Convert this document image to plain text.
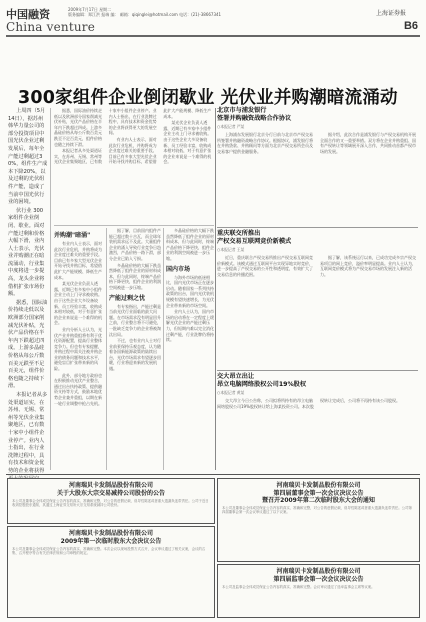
中国融资	2009年7月17日 星期二
版务编辑：郑江洪 报端 编： 邮箱：qiqinglei@hotmail.com 电话：(21)-38667341	上海证券报
China venture	B6
300家组件企业倒闭歇业 光伏业并购潮暗流涌动

上周四（5月14日），据苏州韩华力量公司的部分投资项目中国光伏企业过剩发展后，每年全产能过剩超过30%，组件生产成本下降20%，以及过剩的光伏组件产能，造成了当前中国光伏行业的困境。

伏行业 300 家组件企业倒闭、歇业。面对产能过剩和价格大幅下滑，业内人士表示，光伏业并购潮正在暗流涌动，行业集中度将进一步提高，龙头企业将借机扩张市场份额。

据悉，国际油价持续走低以及欧洲部分国家削减光伏补贴，光伏产品价格在半年内下跌超过四成。上游多晶硅价格从每公斤数百美元跌至不足百美元，组件价格也随之持续下滑。

本报记者从多处渠道证实，在苏州、无锡、常州等光伏企业集聚地区，已有数十家中小组件企业停产。业内人士指出，在行业洗牌过程中，具有技术和资金优势的企业将获得

并购潮"暗涌"

有业内人士表示，面对此次行业危机，并购将成为企业度过难关的重要手段。目前已有多家大型光伏企业开始寻找并购目标，希望借此扩大产能规模、降低生产成本。

某光伏企业负责人透露，近期已有多家中小组件企业主动上门寻求被收购。由于这些企业大多设备较新、员工经验丰富，收购成本相对较低，对于有意扩张的企业来说是一个难得的机会。

业内分析人士认为，光伏产业并购重组将有利于优化资源配置，提高行业整体竞争力。但也有专家提醒，并购过程中需关注被并购企业的债务问题和技术水平，避免盲目扩张带来新的风险。

此外，部分地方政府也在积极推动光伏产业整合，通过出台扶持政策、提供融资支持等方式，鼓励本地优势企业兼并重组，以期在新一轮行业调整中抢占先机。

据了解，目前国内组件产能已超过数十吉瓦，而全球年装机需求远不及此。大量组件企业的涌入导致行业竞争日趋激烈，产品价格一路下滑，部分企业已陷入亏损。

多晶硅价格的大幅下跌虽然降低了组件企业的原材料成本，但与此同时，终端产品价格下降更快，组件企业的利润空间被进一步压缩。

产能过剩之忧

有专家指出，产能过剩是当前光伏行业面临的最大问题。在市场需求没有明显回升之前，行业整合将不可避免，一批缺乏竞争力的企业将被淘汰出局。

不过，也有业内人士对行业前景保持乐观态度，认为随着各国新能源政策的陆续出台，光伏市场需求有望逐步回暖，行业将迎来新的发展机遇。

多晶硅价格的大幅下跌虽然降低了组件企业的原材料成本，但与此同时，终端产品价格下降更快，组件企业的利润空间被进一步压缩。

国内市场

与海外市场的低迷相比，国内光伏市场正在逐步启动。随着国家一系列扶持政策的出台，国内光伏装机规模有望快速增长，为光伏企业带来新的市场空间。

业内人士认为，国内市场的启动将在一定程度上缓解光伏企业的产能过剩压力，但短期内难以完全消化过剩产能，行业洗牌仍将持续。

据悉，国际油价持续走低以及欧洲部分国家削减光伏补贴，光伏产品价格在半年内下跌超过四成。上游多晶硅价格从每公斤数百美元跌至不足百美元，组件价格也随之持续下滑。

本报记者从多处渠道证实，在苏州、无锡、常州等光伏企业集聚地区，已有数十家中小组件企业停产。业内人士指出，在行业洗牌过程中，具有技术和资金优势的企业将获得更大的发展空间。

有业内人士表示，面对此次行业危机，并购将成为企业度过难关的重要手段。目前已有多家大型光伏企业开始寻找并购目标，希望借此扩大产能规模、降低生产成本。

某光伏企业负责人透露，近期已有多家中小组件企业主动上门寻求被收购。由于这些企业大多设备较新、员工经验丰富，收购成本相对较低，对于有意扩张的企业来说是一个难得的机会。

北京市与浦发银行
签署并购融资战略合作协议
○本报记者 严某

上海浦东发展银行北京分行日前与北京市产权交易所签署并购融资战略合作协议。根据协议，浦发银行将在并购贷款、并购顾问等方面为北京产权交易所会员及交易客户提供金融服务。

据介绍，此次合作是浦发银行与产权交易机构开展全面合作的又一重要举措。双方将在企业并购重组、国有产权转让等领域展开深入合作，共同推动首都产权市场的发展。

重庆联交所推出
产权交易互联网竞价新模式
○本报记者 王某

近日，重庆联合产权交易所推出产权交易互联网竞价新模式。该模式通过互联网平台实现异地实时竞价，进一步提高了产权交易的公开性和透明度，有效扩大了交易信息的传播范围。

据了解，该系统运行以来，已成功完成多宗产权交易项目的网上竞价，溢价率明显提高。业内人士认为，互联网竞价模式将为产权交易市场的发展注入新的活力。

交大昂立出让
昂立电脑网络股权公司19%股权
○本报记者 黄某

交大昂立今日公告称，公司拟将所持有的昂立电脑网络股权公司19%股权转让给上海某投资公司。本次股权转让完成后，公司将不再持有该公司股权。

河南瑞贝卡发制品股份有限公司
关于大股东大宗交易减持公司股份的公告
本公司及董事会全体成员保证公告内容的真实、准确和完整，对公告的虚假记载、误导性陈述或者重大遗漏负连带责任。公司于近日收到控股股东通知，其通过上海证券交易所大宗交易系统减持公司股份。
河南瑞贝卡发制品股份有限公司
2009年第一次临时股东大会决议公告
本公司及董事会全体成员保证公告内容的真实、准确和完整。本次会议以现场投票方式召开，会议审议通过了相关议案，会议的召集、召开程序符合有关法律法规和公司章程的规定。
河南瑞贝卡发制品股份有限公司
第四届董事会第一次会议决议公告
暨召开2009年第二次临时股东大会的通知
本公司及董事会全体成员保证公告内容的真实、准确和完整，对公告的虚假记载、误导性陈述或者重大遗漏负连带责任。公司第四届董事会第一次会议审议通过了以下议案。
河南瑞贝卡发制品股份有限公司
第四届监事会第一次会议决议公告
本公司及监事会全体成员保证公告内容的真实、准确和完整。会议审议通过了选举监事会主席等议案。
